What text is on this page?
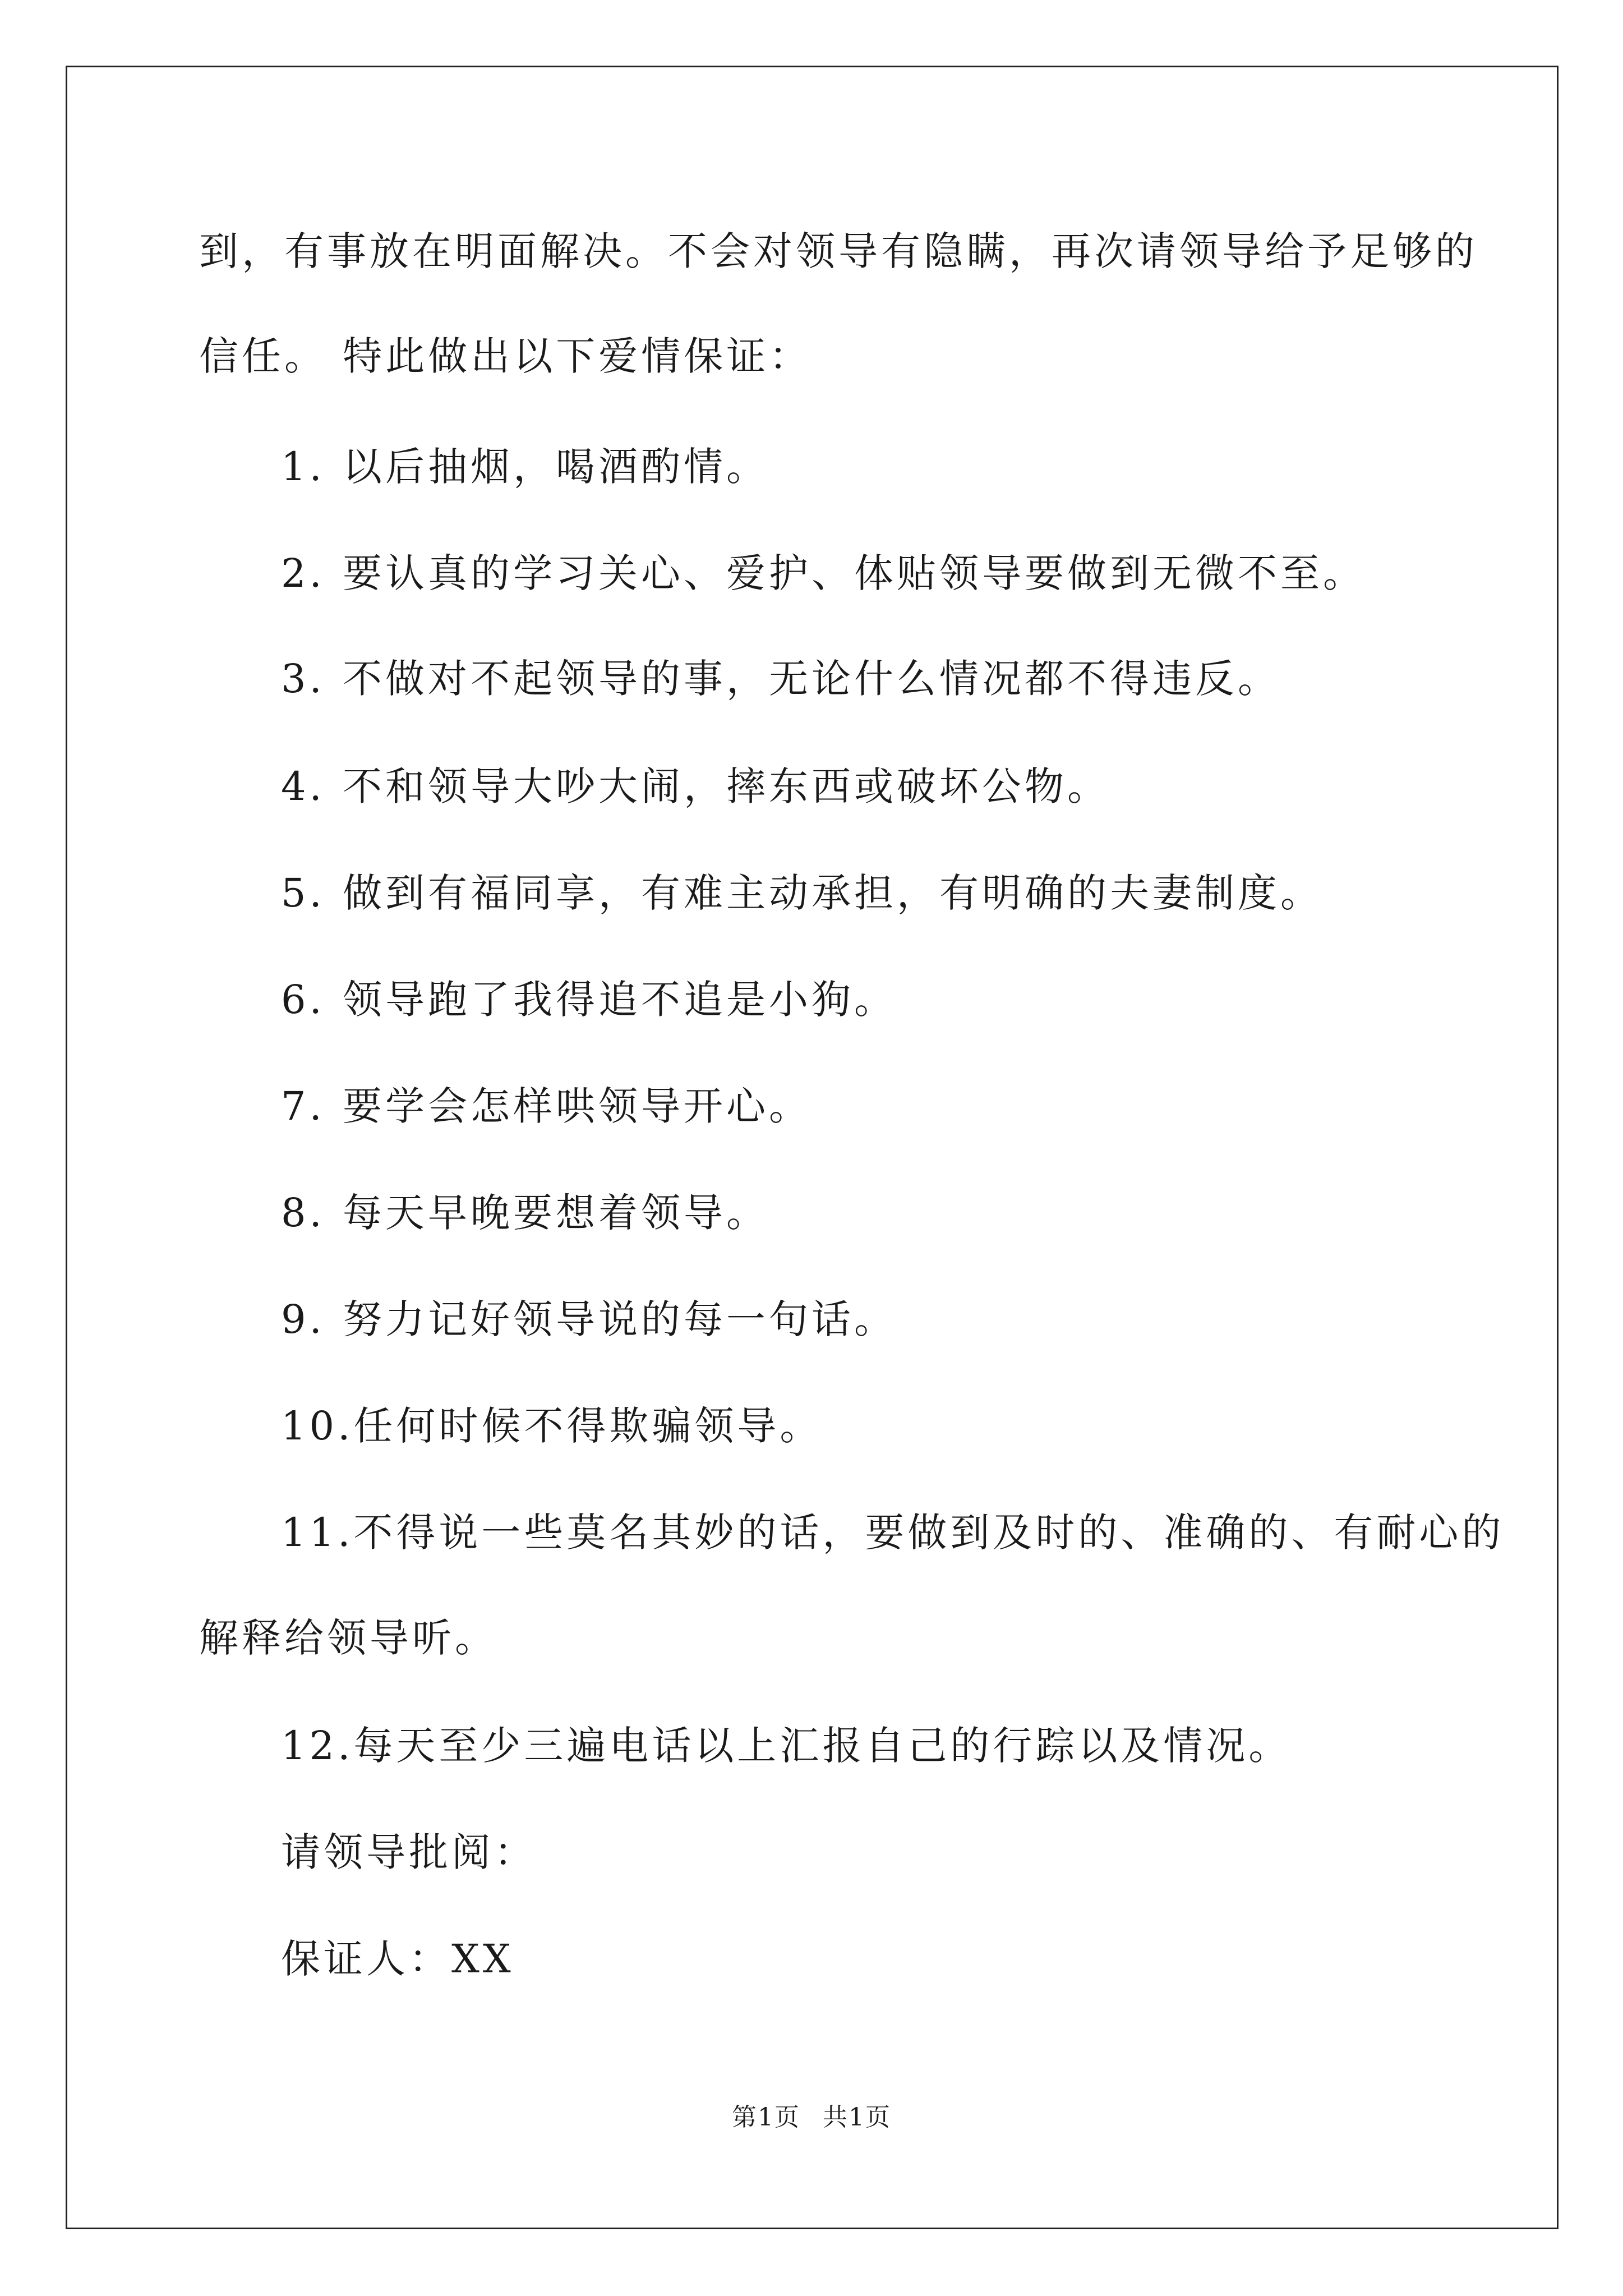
到，有事放在明面解决。不会对领导有隐瞒，再次请领导给予足够的
信任。 特此做出以下爱情保证：
1. 以后抽烟，喝酒酌情。
2. 要认真的学习关心、爱护、体贴领导要做到无微不至。
3. 不做对不起领导的事，无论什么情况都不得违反。
4. 不和领导大吵大闹，摔东西或破坏公物。
5. 做到有福同享，有难主动承担，有明确的夫妻制度。
6. 领导跑了我得追不追是小狗。
7. 要学会怎样哄领导开心。
8. 每天早晚要想着领导。
9. 努力记好领导说的每一句话。
10.任何时候不得欺骗领导。
11.不得说一些莫名其妙的话，要做到及时的、准确的、有耐心的
解释给领导听。
12.每天至少三遍电话以上汇报自己的行踪以及情况。
请领导批阅：
保证人：XX
第1页 共1页
